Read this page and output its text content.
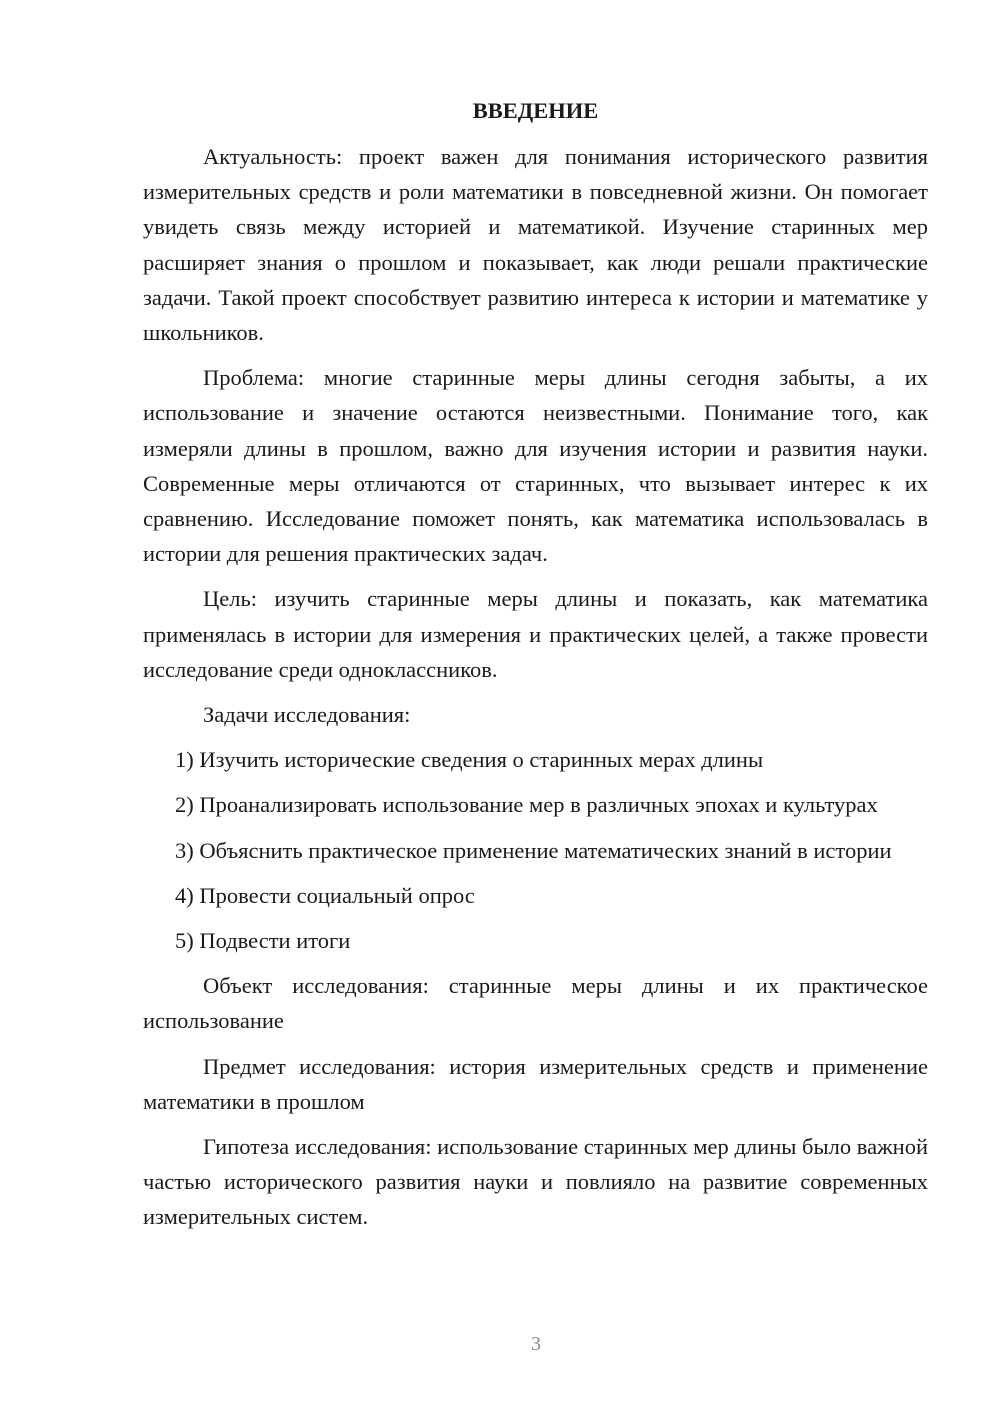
ВВЕДЕНИЕ

Актуальность: проект важен для понимания исторического развития измерительных средств и роли математики в повседневной жизни. Он помогает увидеть связь между историей и математикой. Изучение старинных мер расширяет знания о прошлом и показывает, как люди решали практические задачи. Такой проект способствует развитию интереса к истории и математике у школьников.

Проблема: многие старинные меры длины сегодня забыты, а их использование и значение остаются неизвестными. Понимание того, как измеряли длины в прошлом, важно для изучения истории и развития науки. Современные меры отличаются от старинных, что вызывает интерес к их сравнению. Исследование поможет понять, как математика использовалась в истории для решения практических задач.

Цель: изучить старинные меры длины и показать, как математика применялась в истории для измерения и практических целей, а также провести исследование среди одноклассников.

Задачи исследования:

1) Изучить исторические сведения о старинных мерах длины

2) Проанализировать использование мер в различных эпохах и культурах

3) Объяснить практическое применение математических знаний в истории

4) Провести социальный опрос

5) Подвести итоги

Объект исследования: старинные меры длины и их практическое использование

Предмет исследования: история измерительных средств и применение математики в прошлом

Гипотеза исследования: использование старинных мер длины было важной частью исторического развития науки и повлияло на развитие современных измерительных систем.

3
